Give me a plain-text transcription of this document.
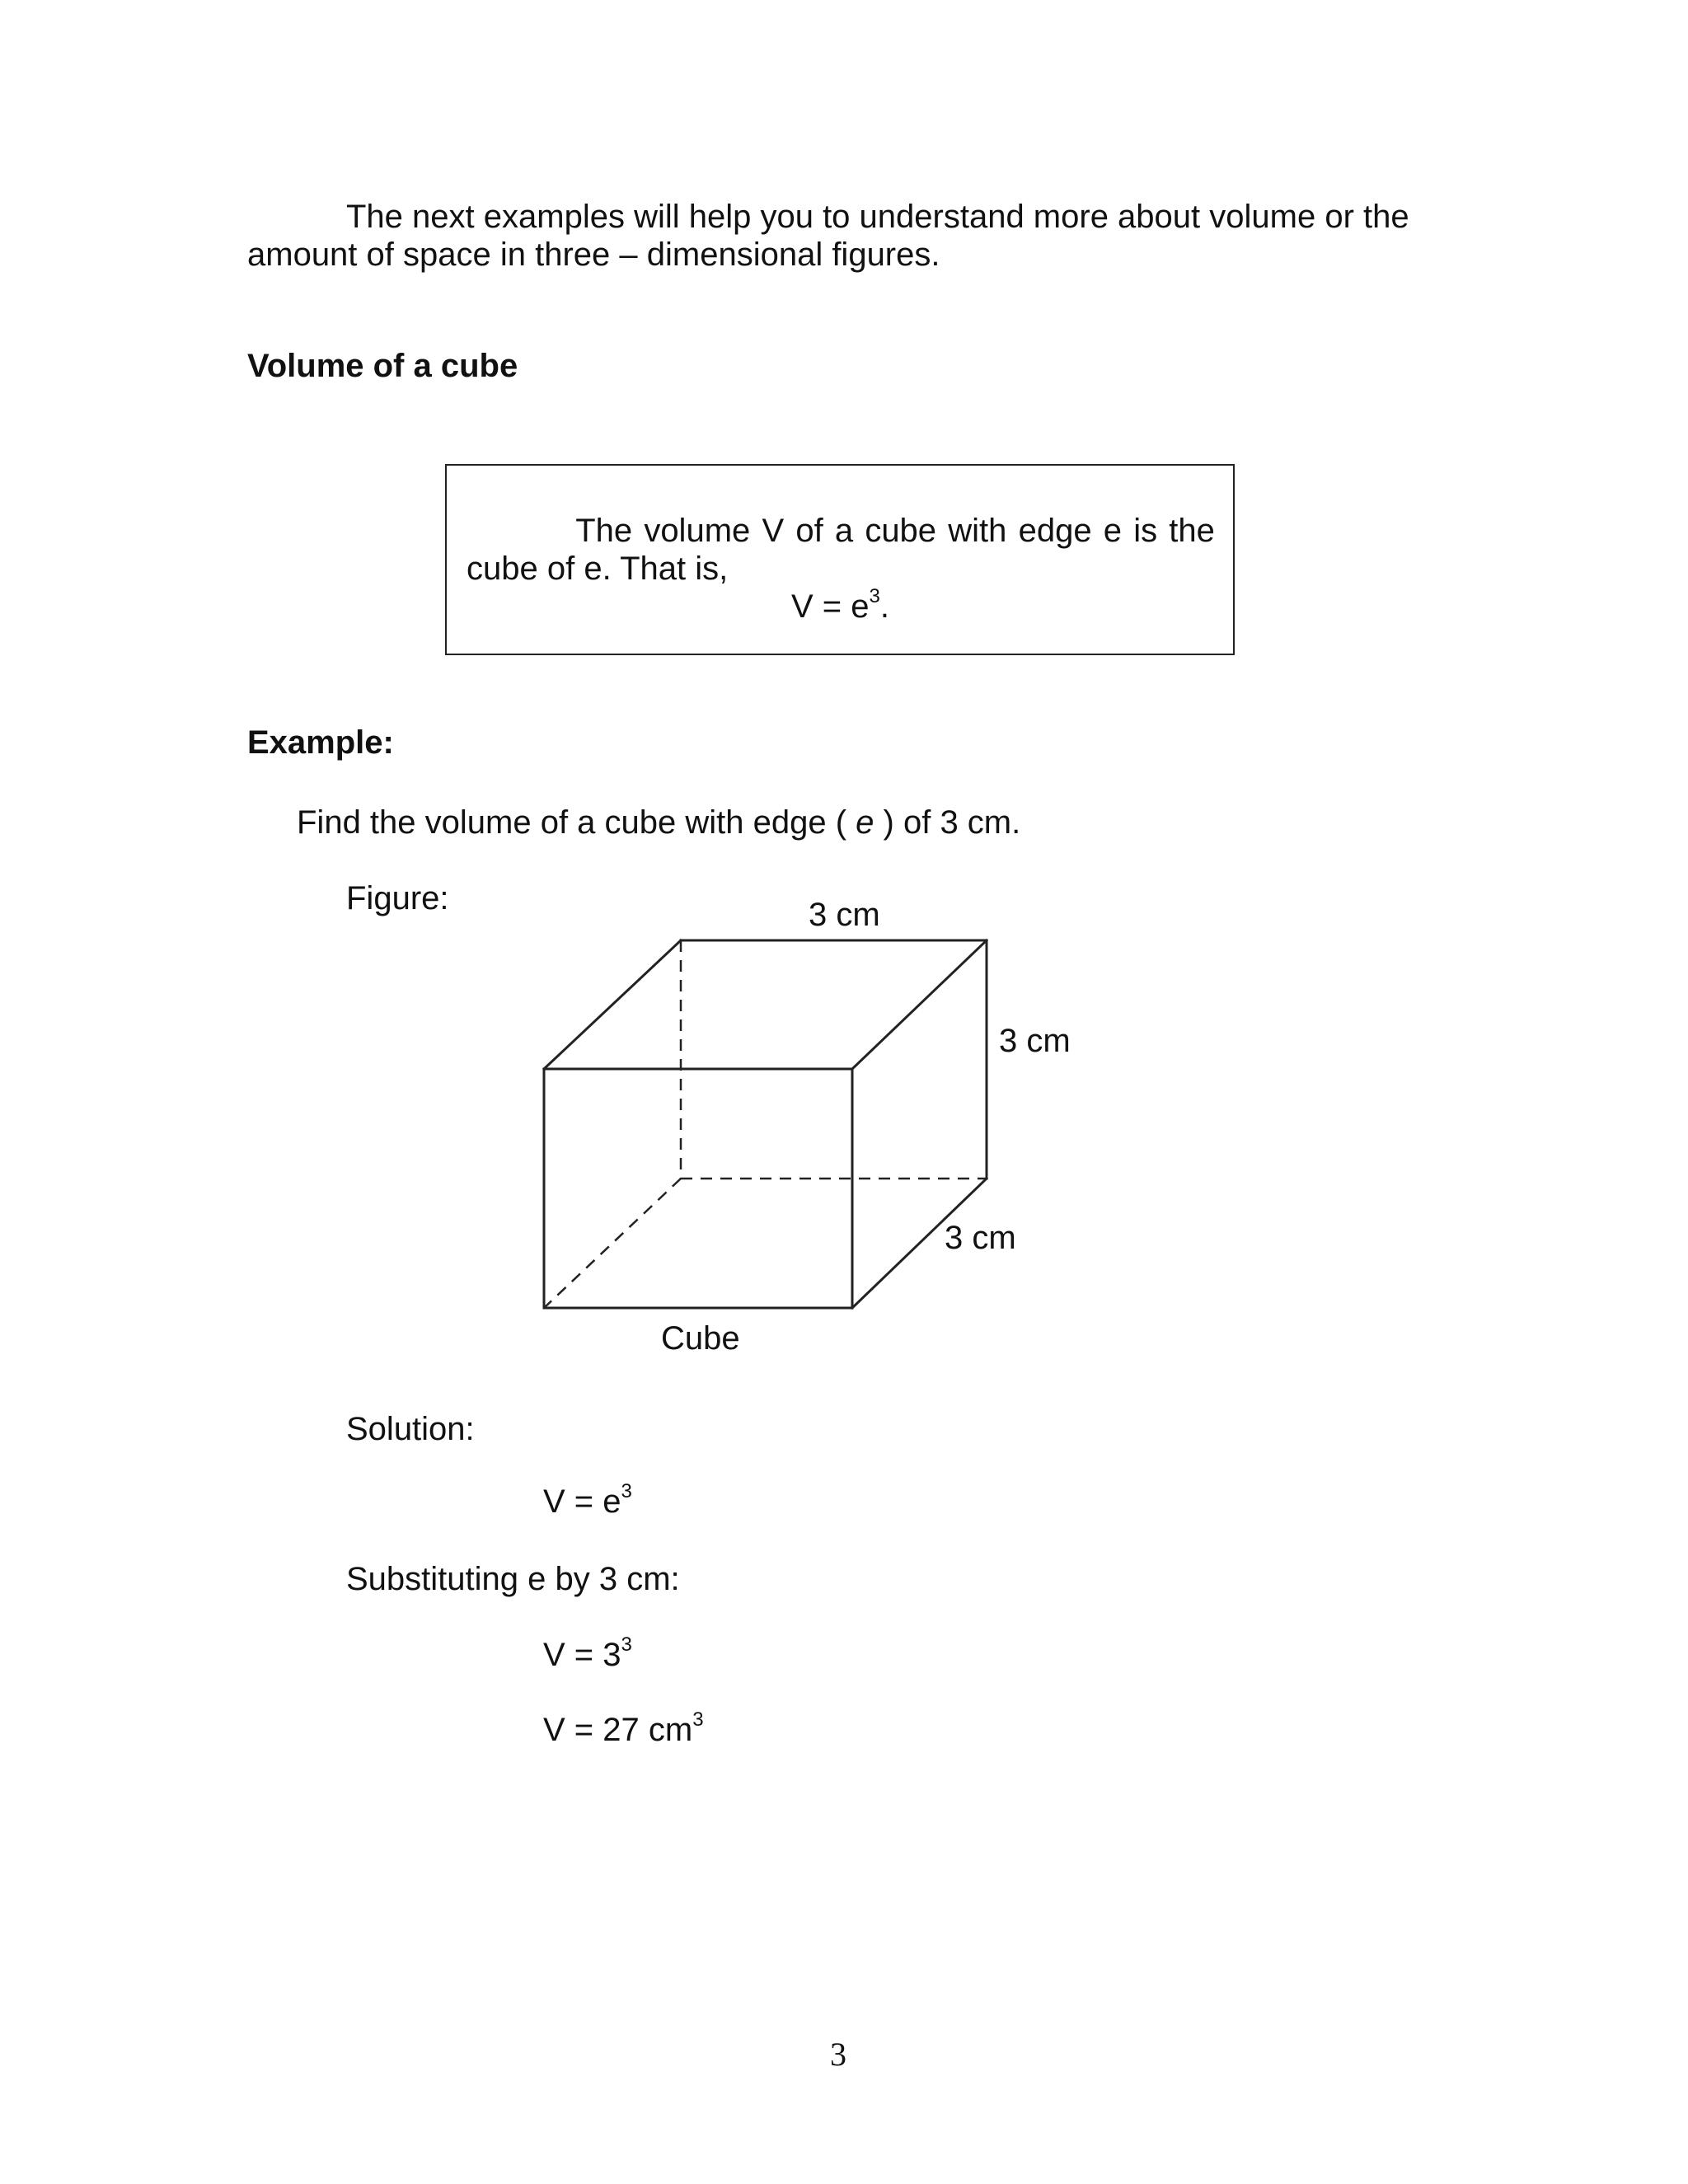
The next examples will help you to understand more about volume or the
amount of space in three – dimensional figures.
Volume of a cube
The volume V of a cube with edge e is the
cube of e. That is,
$V = e^3$.
Example:
Find the volume of a cube with edge ( e ) of 3 cm.
Figure:	3 cm
3 cm
3 cm
Cube
Solution:
$V = e^3$
Substituting e by 3 cm:
$V = 3^3$
V = 27 $cm^3$
3
